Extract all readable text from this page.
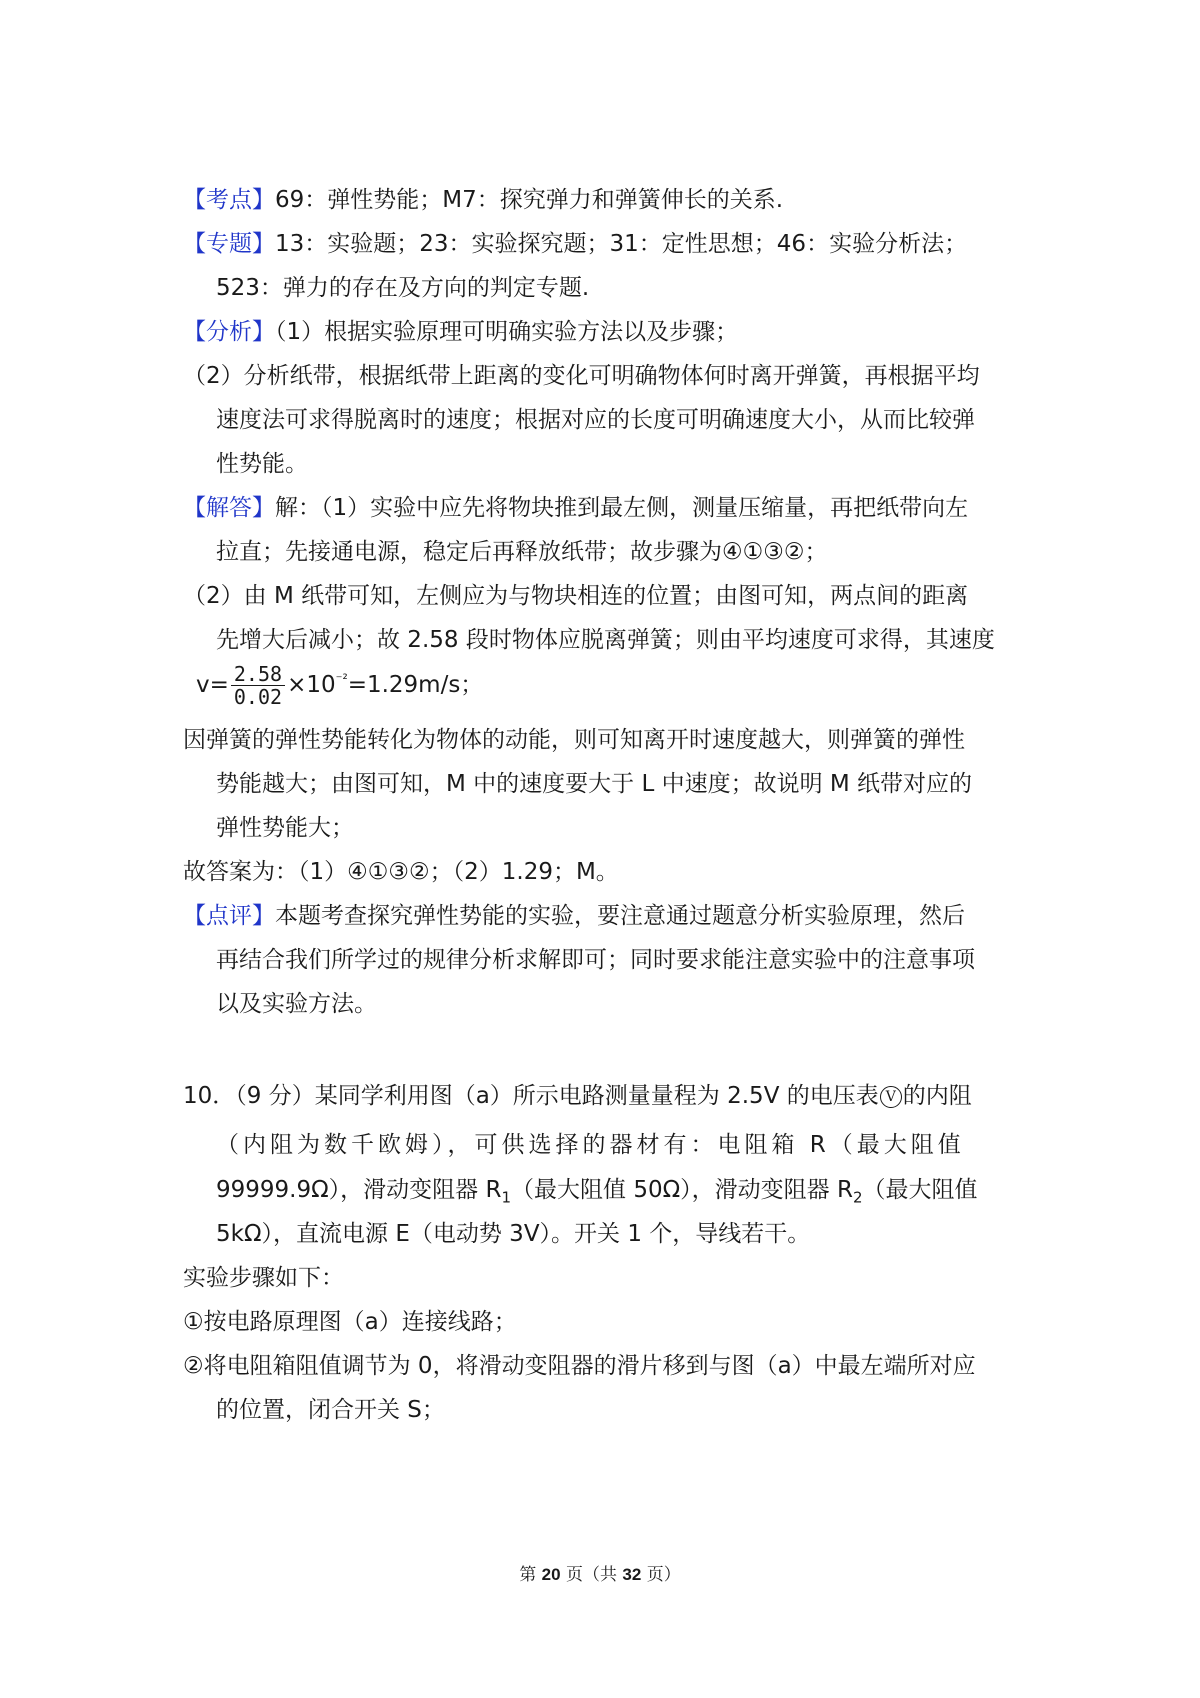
【考点】69：弹性势能；M7：探究弹力和弹簧伸长的关系.
【专题】13：实验题；23：实验探究题；31：定性思想；46：实验分析法；
523：弹力的存在及方向的判定专题.
【分析】（1）根据实验原理可明确实验方法以及步骤；
（2）分析纸带，根据纸带上距离的变化可明确物体何时离开弹簧，再根据平均
速度法可求得脱离时的速度；根据对应的长度可明确速度大小，从而比较弹
性势能。
【解答】解：（1）实验中应先将物块推到最左侧，测量压缩量，再把纸带向左
拉直；先接通电源，稳定后再释放纸带；故步骤为④①③②；
（2）由 M 纸带可知，左侧应为与物块相连的位置；由图可知，两点间的距离
先增大后减小；故 2.58 段时物体应脱离弹簧；则由平均速度可求得，其速度
$v= \frac{2.58}{0.02} \times 10^{^{-2}}=1.29m/s$；
因弹簧的弹性势能转化为物体的动能，则可知离开时速度越大，则弹簧的弹性
势能越大；由图可知，M 中的速度要大于 L 中速度；故说明 M 纸带对应的
弹性势能大；
故答案为：（1）④①③②；（2）1.29；M。
【点评】本题考查探究弹性势能的实验，要注意通过题意分析实验原理，然后
再结合我们所学过的规律分析求解即可；同时要求能注意实验中的注意事项
以及实验方法。
10．（9 分）某同学利用图（a）所示电路测量量程为 2.5V 的电压表 V 的内阻
（内阻为数千欧姆），可供选择的器材有：电阻箱 R（最大阻值
99999.9Ω），滑动变阻器 $R_1$（最大阻值 50Ω），滑动变阻器 $R_2$（最大阻值
5kΩ），直流电源 E（电动势 3V）。开关 1 个，导线若干。
实验步骤如下：
①按电路原理图（a）连接线路；
②将电阻箱阻值调节为 0，将滑动变阻器的滑片移到与图（a）中最左端所对应
的位置，闭合开关 S；
第 20 页（共 32 页）
